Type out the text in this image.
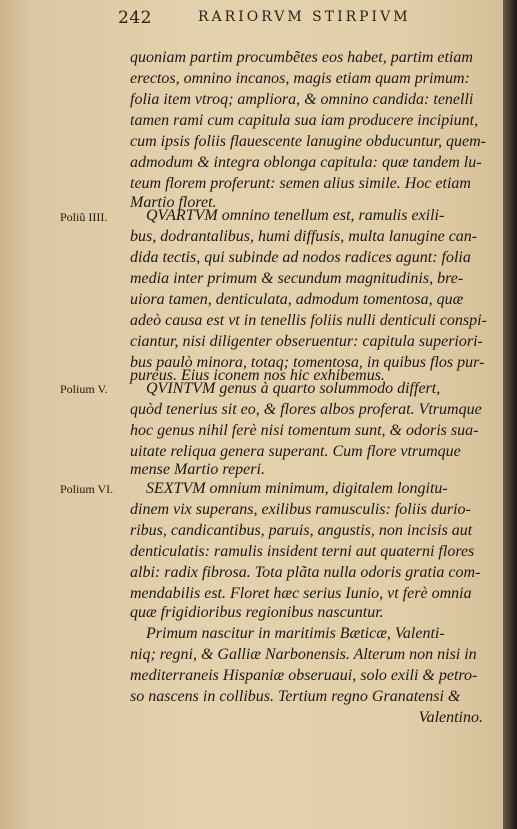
242	RARIORVM STIRPIVM
Poliũ IIII.
Polium V.
Polium VI.
quoniam partim procumbẽtes eos habet, partim etiam
erectos, omnino incanos, magis etiam quam primum:
folia item vtroq; ampliora, & omnino candida: tenelli
tamen rami cum capitula sua iam producere incipiunt,
cum ipsis foliis flauescente lanugine obducuntur, quem-
admodum & integra oblonga capitula: quæ tandem lu-
teum florem proferunt: semen alius simile. Hoc etiam
Martio floret.
QVARTVM omnino tenellum est, ramulis exili-
bus, dodrantalibus, humi diffusis, multa lanugine can-
dida tectis, qui subinde ad nodos radices agunt: folia
media inter primum & secundum magnitudinis, bre-
uiora tamen, denticulata, admodum tomentosa, quæ
adeò causa est vt in tenellis foliis nulli denticuli conspi-
ciantur, nisi diligenter obseruentur: capitula superiori-
bus paulò minora, totaq; tomentosa, in quibus flos pur-
pureus. Eius iconem nos hic exhibemus.
QVINTVM genus à quarto solummodo differt,
quòd tenerius sit eo, & flores albos proferat. Vtrumque
hoc genus nihil ferè nisi tomentum sunt, & odoris sua-
uitate reliqua genera superant. Cum flore vtrumque
mense Martio reperi.
SEXTVM omnium minimum, digitalem longitu-
dinem vix superans, exilibus ramusculis: foliis durio-
ribus, candicantibus, paruis, angustis, non incisis aut
denticulatis: ramulis insident terni aut quaterni flores
albi: radix fibrosa. Tota plãta nulla odoris gratia com-
mendabilis est. Floret hæc serius Iunio, vt ferè omnia
quæ frigidioribus regionibus nascuntur.
Primum nascitur in maritimis Bæticæ, Valenti-
niq; regni, & Galliæ Narbonensis. Alterum non nisi in
mediterraneis Hispaniæ obseruaui, solo exili & petro-
so nascens in collibus. Tertium regno Granatensi &
Valentino.
